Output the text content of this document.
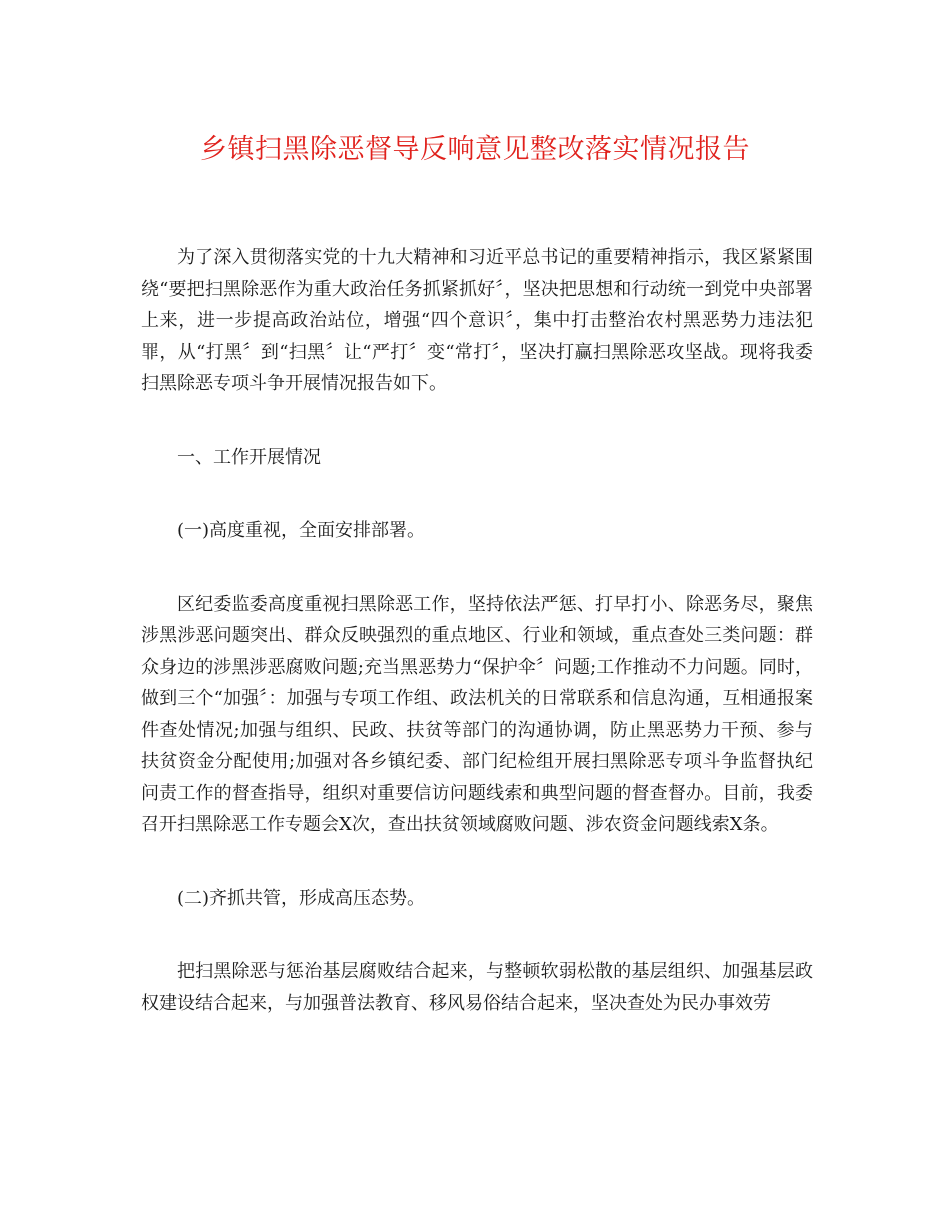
乡镇扫黑除恶督导反响意见整改落实情况报告

为了深入贯彻落实党的十九大精神和习近平总书记的重要精神指示，我区紧紧围绕“要把扫黑除恶作为重大政治任务抓紧抓好〞，坚决把思想和行动统一到党中央部署上来，进一步提高政治站位，增强“四个意识〞，集中打击整治农村黑恶势力违法犯罪，从“打黑〞到“扫黑〞让“严打〞变“常打〞，坚决打赢扫黑除恶攻坚战。现将我委扫黑除恶专项斗争开展情况报告如下。

一、工作开展情况

(一)高度重视，全面安排部署。

区纪委监委高度重视扫黑除恶工作，坚持依法严惩、打早打小、除恶务尽，聚焦涉黑涉恶问题突出、群众反映强烈的重点地区、行业和领域，重点查处三类问题：群众身边的涉黑涉恶腐败问题;充当黑恶势力“保护伞〞问题;工作推动不力问题。同时，做到三个“加强〞：加强与专项工作组、政法机关的日常联系和信息沟通，互相通报案件查处情况;加强与组织、民政、扶贫等部门的沟通协调，防止黑恶势力干预、参与扶贫资金分配使用;加强对各乡镇纪委、部门纪检组开展扫黑除恶专项斗争监督执纪问责工作的督查指导，组织对重要信访问题线索和典型问题的督查督办。目前，我委召开扫黑除恶工作专题会X次，查出扶贫领域腐败问题、涉农资金问题线索X条。

(二)齐抓共管，形成高压态势。

把扫黑除恶与惩治基层腐败结合起来，与整顿软弱松散的基层组织、加强基层政权建设结合起来，与加强普法教育、移风易俗结合起来，坚决查处为民办事效劳
